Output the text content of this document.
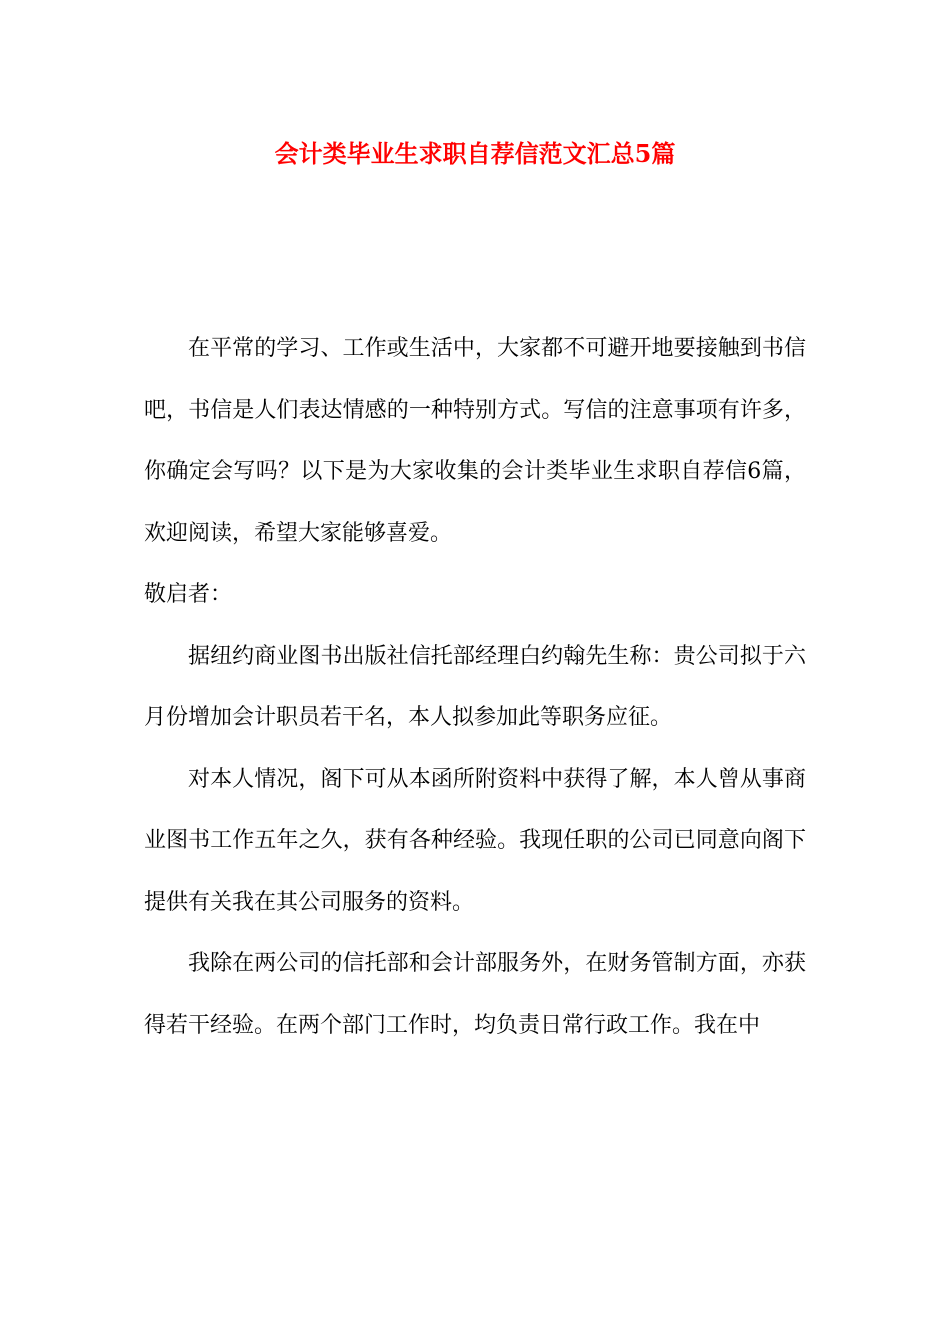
会计类毕业生求职自荐信范文汇总5篇

在平常的学习、工作或生活中，大家都不可避开地要接触到书信吧，书信是人们表达情感的一种特别方式。写信的注意事项有许多，你确定会写吗？以下是为大家收集的会计类毕业生求职自荐信6篇，欢迎阅读，希望大家能够喜爱。

敬启者：

据纽约商业图书出版社信托部经理白约翰先生称：贵公司拟于六月份增加会计职员若干名，本人拟参加此等职务应征。

对本人情况，阁下可从本函所附资料中获得了解，本人曾从事商业图书工作五年之久，获有各种经验。我现任职的公司已同意向阁下提供有关我在其公司服务的资料。

我除在两公司的信托部和会计部服务外，在财务管制方面，亦获得若干经验。在两个部门工作时，均负责日常行政工作。我在中
